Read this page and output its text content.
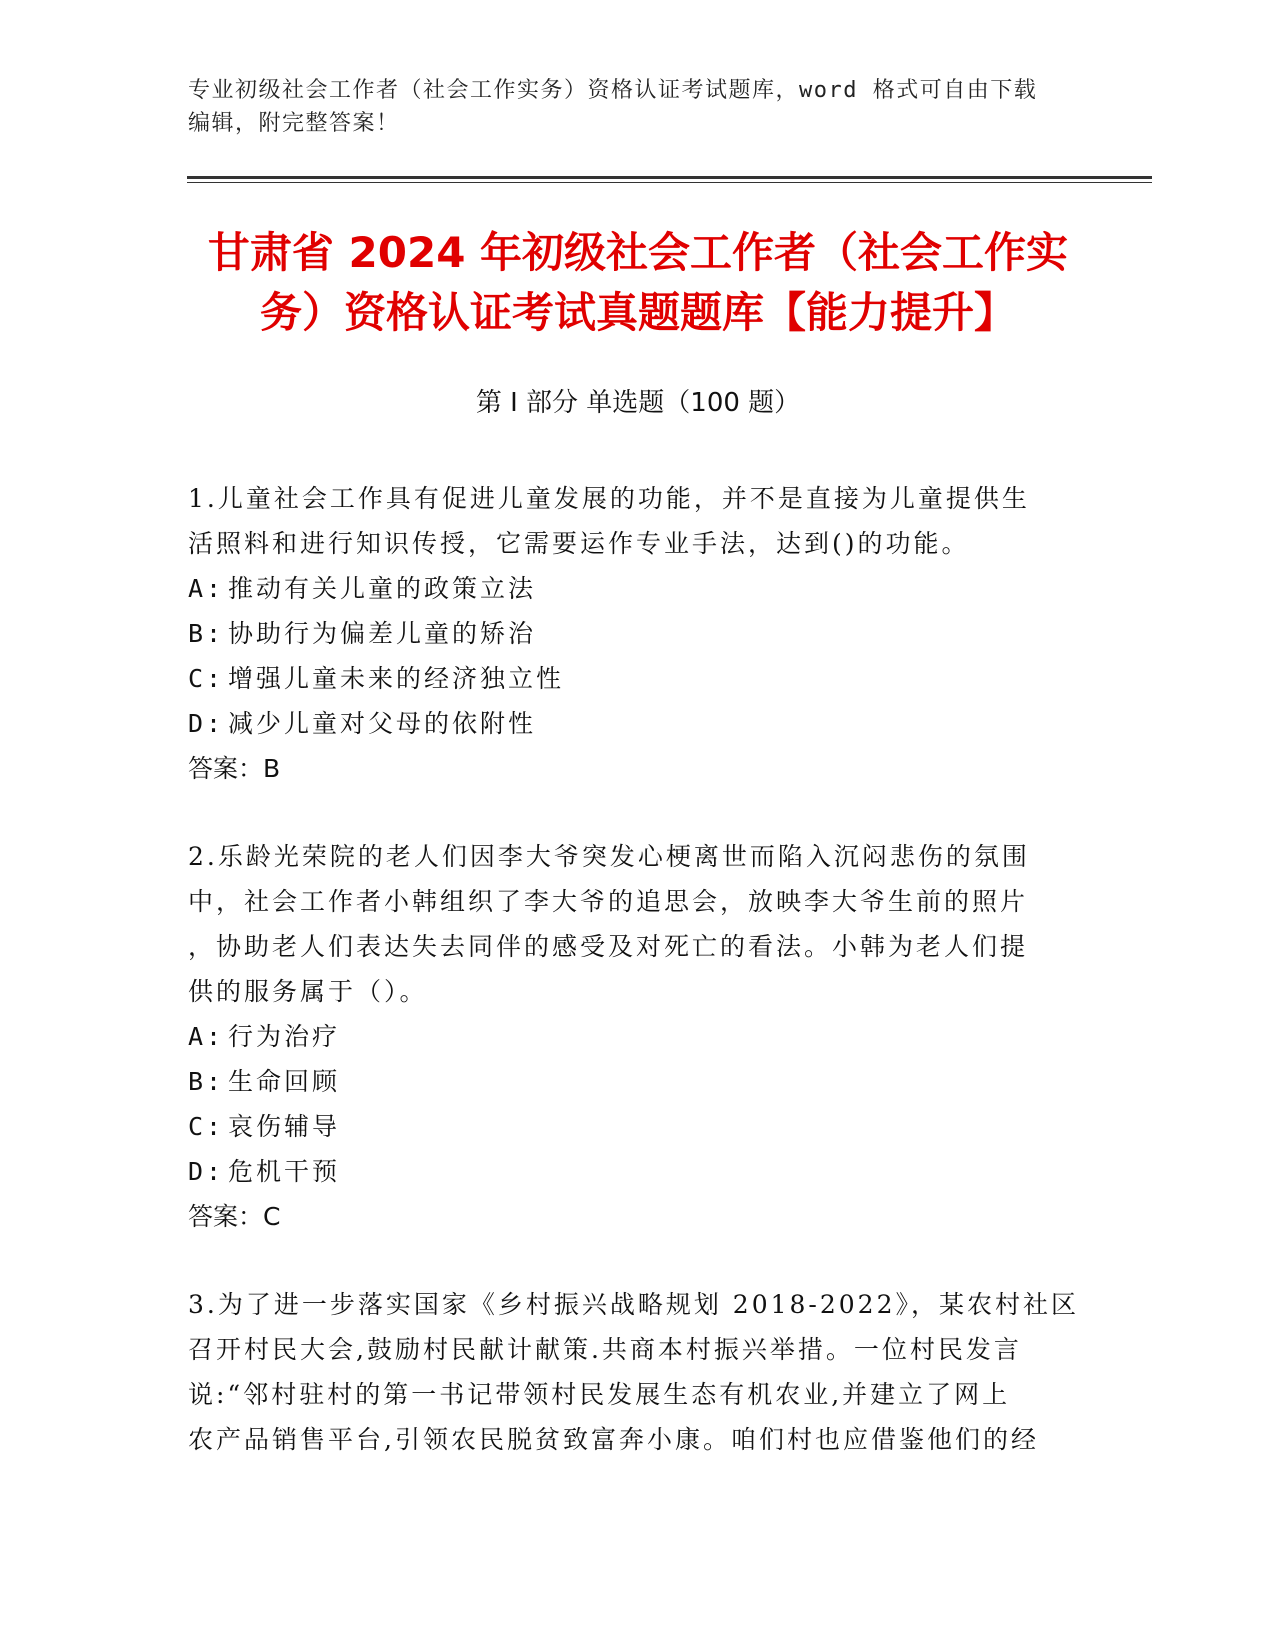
专业初级社会工作者（社会工作实务）资格认证考试题库，word 格式可自由下载
编辑，附完整答案！
甘肃省 2024 年初级社会工作者（社会工作实
务）资格认证考试真题题库【能力提升】
第 I 部分 单选题（100 题）

1.儿童社会工作具有促进儿童发展的功能，并不是直接为儿童提供生

活照料和进行知识传授，它需要运作专业手法，达到()的功能。

A: 推动有关儿童的政策立法

B: 协助行为偏差儿童的矫治

C: 增强儿童未来的经济独立性

D: 减少儿童对父母的依附性

答案：B

2.乐龄光荣院的老人们因李大爷突发心梗离世而陷入沉闷悲伤的氛围

中，社会工作者小韩组织了李大爷的追思会，放映李大爷生前的照片

，协助老人们表达失去同伴的感受及对死亡的看法。小韩为老人们提

供的服务属于（）。

A: 行为治疗

B: 生命回顾

C: 哀伤辅导

D: 危机干预

答案：C

3.为了进一步落实国家《乡村振兴战略规划 2018-2022》，某农村社区

召开村民大会,鼓励村民献计献策.共商本村振兴举措。一位村民发言

说:“邻村驻村的第一书记带领村民发展生态有机农业,并建立了网上

农产品销售平台,引领农民脱贫致富奔小康。咱们村也应借鉴他们的经
